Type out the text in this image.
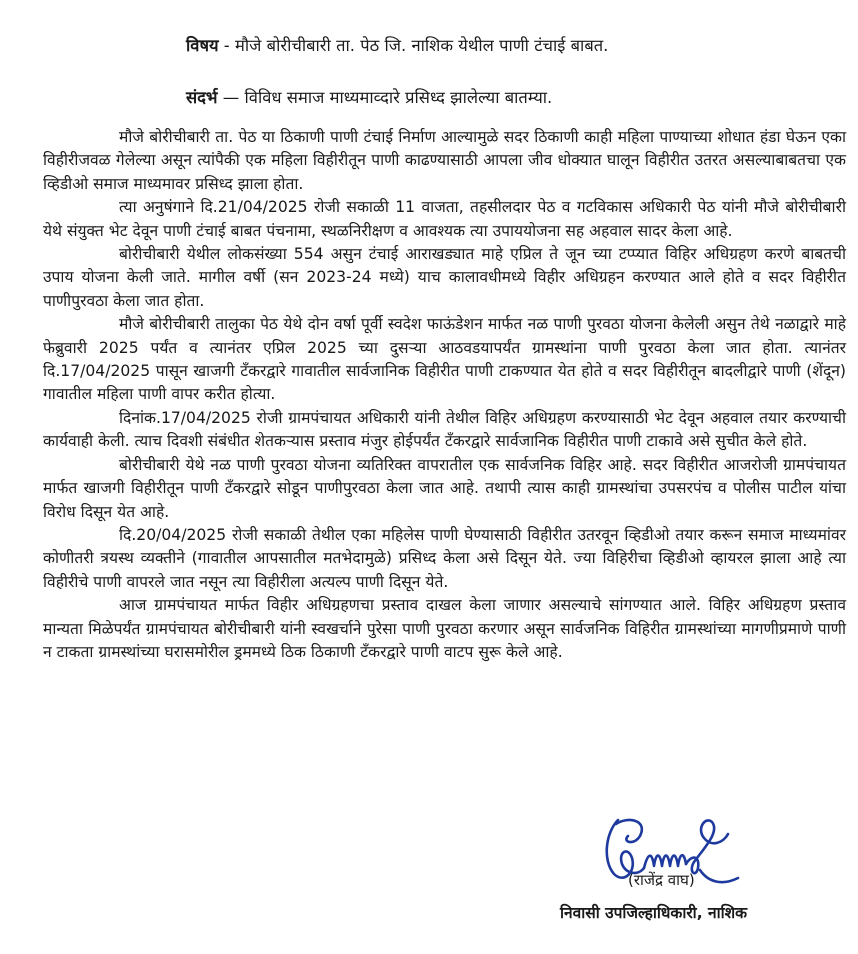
विषय - मौजे बोरीचीबारी ता. पेठ जि. नाशिक येथील पाणी टंचाई बाबत.
संदर्भ — विविध समाज माध्यमाव्दारे प्रसिध्द झालेल्या बातम्या.

मौजे बोरीचीबारी ता. पेठ या ठिकाणी पाणी टंचाई निर्माण आल्यामुळे सदर ठिकाणी काही महिला पाण्याच्या शोधात हंडा घेऊन एका विहीरीजवळ गेलेल्या असून त्यांपैकी एक महिला विहीरीतून पाणी काढण्यासाठी आपला जीव धोक्यात घालून विहीरीत उतरत असल्याबाबतचा एक व्हिडीओ समाज माध्यमावर प्रसिध्द झाला होता.

त्या अनुषंगाने दि.21/04/2025 रोजी सकाळी 11 वाजता, तहसीलदार पेठ व गटविकास अधिकारी पेठ यांनी मौजे बोरीचीबारी येथे संयुक्त भेट देवून पाणी टंचाई बाबत पंचनामा, स्थळनिरीक्षण व आवश्यक त्या उपाययोजना सह अहवाल सादर केला आहे.

बोरीचीबारी येथील लोकसंख्या 554 असुन टंचाई आराखड्यात माहे एप्रिल ते जून च्या टप्प्यात विहिर अधिग्रहण करणे बाबतची उपाय योजना केली जाते. मागील वर्षी (सन 2023-24 मध्ये) याच कालावधीमध्ये विहीर अधिग्रहन करण्यात आले होते व सदर विहीरीत पाणीपुरवठा केला जात होता.

मौजे बोरीचीबारी तालुका पेठ येथे दोन वर्षा पूर्वी स्वदेश फाऊंडेशन मार्फत नळ पाणी पुरवठा योजना केलेली असुन तेथे नळाद्वारे माहे फेब्रुवारी 2025 पर्यंत व त्यानंतर एप्रिल 2025 च्या दुसऱ्या आठवडयापर्यंत ग्रामस्थांना पाणी पुरवठा केला जात होता. त्यानंतर दि.17/04/2025 पासून खाजगी टँकरद्वारे गावातील सार्वजानिक विहीरीत पाणी टाकण्यात येत होते व सदर विहीरीतून बादलीद्वारे पाणी (शेंदून) गावातील महिला पाणी वापर करीत होत्या.

दिनांक.17/04/2025 रोजी ग्रामपंचायत अधिकारी यांनी तेथील विहिर अधिग्रहण करण्यासाठी भेट देवून अहवाल तयार करण्याची कार्यवाही केली. त्याच दिवशी संबंधीत शेतकऱ्यास प्रस्ताव मंजुर होईपर्यंत टँकरद्वारे सार्वजानिक विहीरीत पाणी टाकावे असे सुचीत केले होते.

बोरीचीबारी येथे नळ पाणी पुरवठा योजना व्यतिरिक्त वापरातील एक सार्वजनिक विहिर आहे. सदर विहीरीत आजरोजी ग्रामपंचायत मार्फत खाजगी विहीरीतून पाणी टँकरद्वारे सोडून पाणीपुरवठा केला जात आहे. तथापी त्यास काही ग्रामस्थांचा उपसरपंच व पोलीस पाटील यांचा विरोध दिसून येत आहे.

दि.20/04/2025 रोजी सकाळी तेथील एका महिलेस पाणी घेण्यासाठी विहीरीत उतरवून व्हिडीओ तयार करून समाज माध्यमांवर कोणीतरी त्रयस्थ व्यक्तीने (गावातील आपसातील मतभेदामुळे) प्रसिध्द केला असे दिसून येते. ज्या विहिरीचा व्हिडीओ व्हायरल झाला आहे त्या विहीरीचे पाणी वापरले जात नसून त्या विहीरीला अत्यल्प पाणी दिसून येते.

आज ग्रामपंचायत मार्फत विहीर अधिग्रहणचा प्रस्ताव दाखल केला जाणार असल्याचे सांगण्यात आले. विहिर अधिग्रहण प्रस्ताव मान्यता मिळेपर्यंत ग्रामपंचायत बोरीचीबारी यांनी स्वखर्चाने पुरेसा पाणी पुरवठा करणार असून सार्वजनिक विहिरीत ग्रामस्थांच्या मागणीप्रमाणे पाणी न टाकता ग्रामस्थांच्या घरासमोरील ड्रममध्ये ठिक ठिकाणी टँकरद्वारे पाणी वाटप सुरू केले आहे.

(राजेंद्र वाघ)
निवासी उपजिल्हाधिकारी, नाशिक
